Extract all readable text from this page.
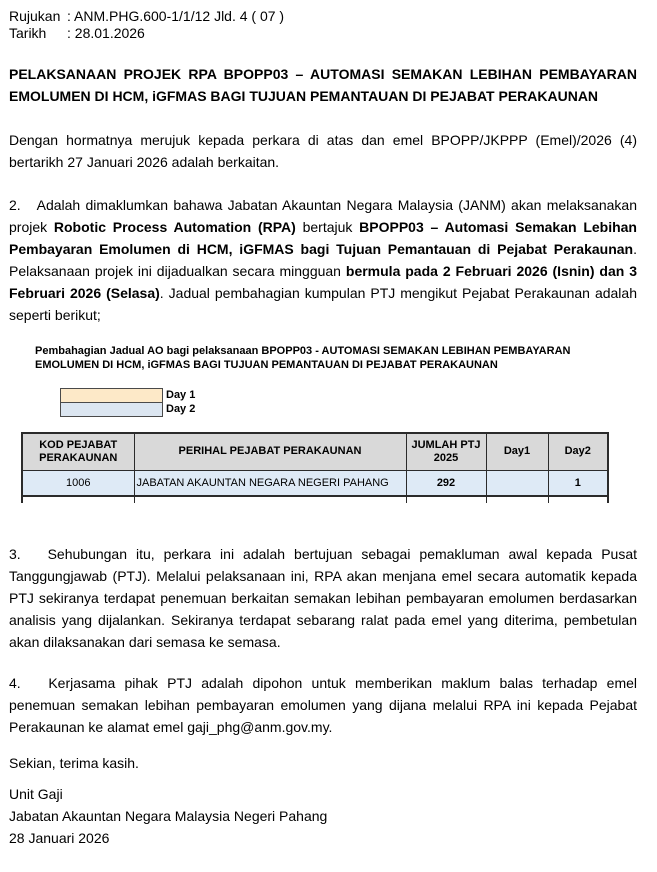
Rujukan : ANM.PHG.600-1/1/12 Jld. 4 ( 07 )
Tarikh	: 28.01.2026
PELAKSANAAN PROJEK RPA BPOPP03 – AUTOMASI SEMAKAN LEBIHAN PEMBAYARAN EMOLUMEN DI HCM, iGFMAS BAGI TUJUAN PEMANTAUAN DI PEJABAT PERAKAUNAN

Dengan hormatnya merujuk kepada perkara di atas dan emel BPOPP/JKPPP (Emel)/2026 (4) bertarikh 27 Januari 2026 adalah berkaitan.

2.   Adalah dimaklumkan bahawa Jabatan Akauntan Negara Malaysia (JANM) akan melaksanakan projek Robotic Process Automation (RPA) bertajuk BPOPP03 – Automasi Semakan Lebihan Pembayaran Emolumen di HCM, iGFMAS bagi Tujuan Pemantauan di Pejabat Perakaunan. Pelaksanaan projek ini dijadualkan secara mingguan bermula pada 2 Februari 2026 (Isnin) dan 3 Februari 2026 (Selasa). Jadual pembahagian kumpulan PTJ mengikut Pejabat Perakaunan adalah seperti berikut;

Pembahagian Jadual AO bagi pelaksanaan BPOPP03 - AUTOMASI SEMAKAN LEBIHAN PEMBAYARAN EMOLUMEN DI HCM, iGFMAS BAGI TUJUAN PEMANTAUAN DI PEJABAT PERAKAUNAN
Day 1
Day 2
KOD PEJABAT PERAKAUNAN	PERIHAL PEJABAT PERAKAUNAN	JUMLAH PTJ 2025	Day1	Day2
1006	JABATAN AKAUNTAN NEGARA NEGERI PAHANG	292		1

3.   Sehubungan itu, perkara ini adalah bertujuan sebagai pemakluman awal kepada Pusat Tanggungjawab (PTJ). Melalui pelaksanaan ini, RPA akan menjana emel secara automatik kepada PTJ sekiranya terdapat penemuan berkaitan semakan lebihan pembayaran emolumen berdasarkan analisis yang dijalankan. Sekiranya terdapat sebarang ralat pada emel yang diterima, pembetulan akan dilaksanakan dari semasa ke semasa.

4.   Kerjasama pihak PTJ adalah dipohon untuk memberikan maklum balas terhadap emel penemuan semakan lebihan pembayaran emolumen yang dijana melalui RPA ini kepada Pejabat Perakaunan ke alamat emel gaji_phg@anm.gov.my.

Sekian, terima kasih.

Unit Gaji
Jabatan Akauntan Negara Malaysia Negeri Pahang
28 Januari 2026
